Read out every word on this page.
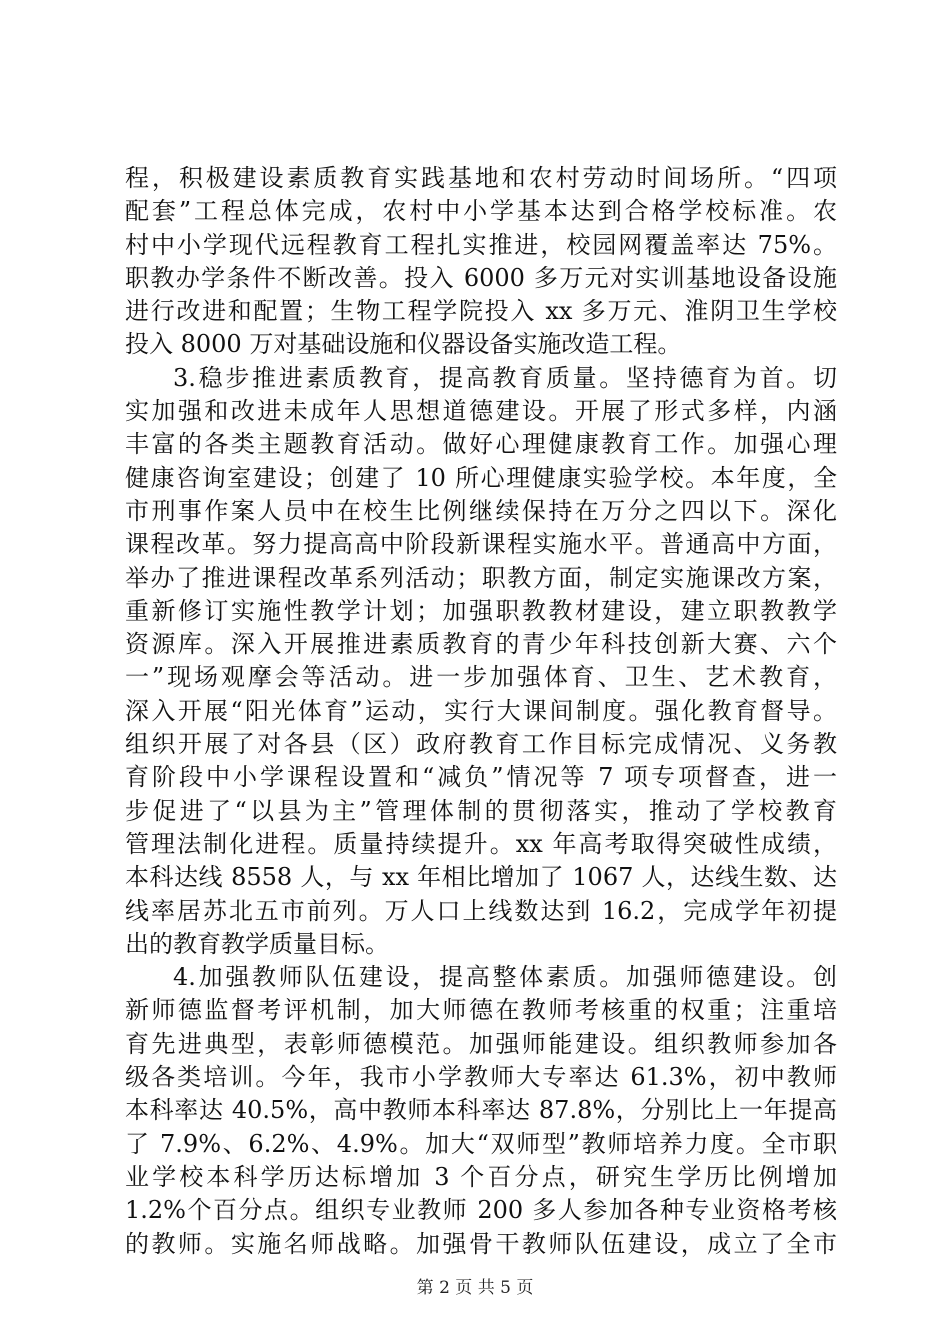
程，积极建设素质教育实践基地和农村劳动时间场所。“四项
配套”工程总体完成，农村中小学基本达到合格学校标准。农
村中小学现代远程教育工程扎实推进，校园网覆盖率达 75%。
职教办学条件不断改善。投入 6000 多万元对实训基地设备设施
进行改进和配置；生物工程学院投入 xx 多万元、淮阴卫生学校
投入 8000 万对基础设施和仪器设备实施改造工程。
3.稳步推进素质教育，提高教育质量。坚持德育为首。切
实加强和改进未成年人思想道德建设。开展了形式多样，内涵
丰富的各类主题教育活动。做好心理健康教育工作。加强心理
健康咨询室建设；创建了 10 所心理健康实验学校。本年度，全
市刑事作案人员中在校生比例继续保持在万分之四以下。深化
课程改革。努力提高高中阶段新课程实施水平。普通高中方面，
举办了推进课程改革系列活动；职教方面，制定实施课改方案，
重新修订实施性教学计划；加强职教教材建设，建立职教教学
资源库。深入开展推进素质教育的青少年科技创新大赛、六个
一”现场观摩会等活动。进一步加强体育、卫生、艺术教育，
深入开展“阳光体育”运动，实行大课间制度。强化教育督导。
组织开展了对各县（区）政府教育工作目标完成情况、义务教
育阶段中小学课程设置和“减负”情况等 7 项专项督查，进一
步促进了“以县为主”管理体制的贯彻落实，推动了学校教育
管理法制化进程。质量持续提升。xx 年高考取得突破性成绩，
本科达线 8558 人，与 xx 年相比增加了 1067 人，达线生数、达
线率居苏北五市前列。万人口上线数达到 16.2，完成学年初提
出的教育教学质量目标。
4.加强教师队伍建设，提高整体素质。加强师德建设。创
新师德监督考评机制，加大师德在教师考核重的权重；注重培
育先进典型，表彰师德模范。加强师能建设。组织教师参加各
级各类培训。今年，我市小学教师大专率达 61.3%，初中教师
本科率达 40.5%，高中教师本科率达 87.8%，分别比上一年提高
了 7.9%、6.2%、4.9%。加大“双师型”教师培养力度。全市职
业学校本科学历达标增加 3 个百分点，研究生学历比例增加
1.2%个百分点。组织专业教师 200 多人参加各种专业资格考核
的教师。实施名师战略。加强骨干教师队伍建设，成立了全市
第 2 页 共 5 页
